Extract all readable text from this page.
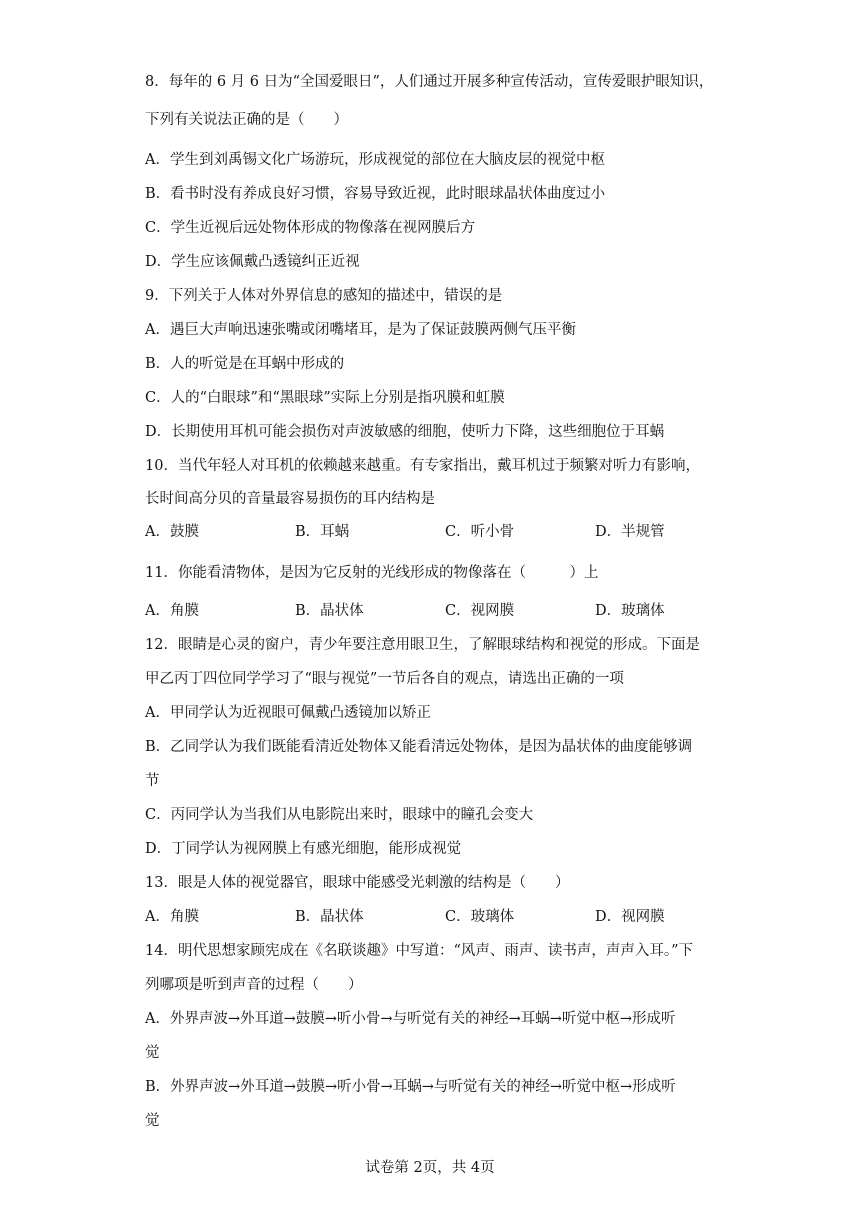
8．每年的 6 月 6 日为“全国爱眼日”，人们通过开展多种宣传活动，宣传爱眼护眼知识，
下列有关说法正确的是（　　）
A．学生到刘禹锡文化广场游玩，形成视觉的部位在大脑皮层的视觉中枢
B．看书时没有养成良好习惯，容易导致近视，此时眼球晶状体曲度过小
C．学生近视后远处物体形成的物像落在视网膜后方
D．学生应该佩戴凸透镜纠正近视
9．下列关于人体对外界信息的感知的描述中，错误的是
A．遇巨大声响迅速张嘴或闭嘴堵耳，是为了保证鼓膜两侧气压平衡
B．人的听觉是在耳蜗中形成的
C．人的“白眼球”和“黑眼球”实际上分别是指巩膜和虹膜
D．长期使用耳机可能会损伤对声波敏感的细胞，使听力下降，这些细胞位于耳蜗
10．当代年轻人对耳机的依赖越来越重。有专家指出，戴耳机过于频繁对听力有影响，
长时间高分贝的音量最容易损伤的耳内结构是
A．鼓膜	B．耳蜗	C．听小骨	D．半规管
11．你能看清物体，是因为它反射的光线形成的物像落在（　　　）上
A．角膜	B．晶状体	C．视网膜	D．玻璃体
12．眼睛是心灵的窗户，青少年要注意用眼卫生，了解眼球结构和视觉的形成。下面是
甲乙丙丁四位同学学习了“眼与视觉”一节后各自的观点，请选出正确的一项
A．甲同学认为近视眼可佩戴凸透镜加以矫正
B．乙同学认为我们既能看清近处物体又能看清远处物体，是因为晶状体的曲度能够调
节
C．丙同学认为当我们从电影院出来时，眼球中的瞳孔会变大
D．丁同学认为视网膜上有感光细胞，能形成视觉
13．眼是人体的视觉器官，眼球中能感受光刺激的结构是（　　）
A．角膜	B．晶状体	C．玻璃体	D．视网膜
14．明代思想家顾宪成在《名联谈趣》中写道：“风声、雨声、读书声，声声入耳。”下
列哪项是听到声音的过程（　　）
A．外界声波→外耳道→鼓膜→听小骨→与听觉有关的神经→耳蜗→听觉中枢→形成听
觉
B．外界声波→外耳道→鼓膜→听小骨→耳蜗→与听觉有关的神经→听觉中枢→形成听
觉
试卷第 2页，共 4页
